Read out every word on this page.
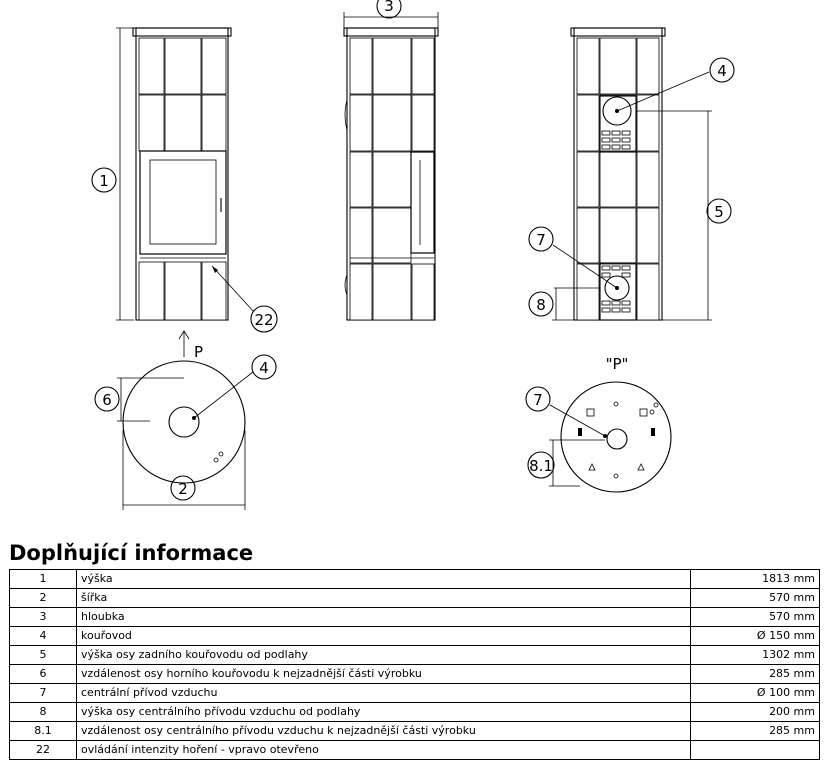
1
22
P
3
4
5
7
8
4
6
2
"P"
7
8.1
Doplňující informace
1	výška	1813 mm
2	šířka	570 mm
3	hloubka	570 mm
4	kouřovod	Ø 150 mm
5	výška osy zadního kouřovodu od podlahy	1302 mm
6	vzdálenost osy horního kouřovodu k nejzadnější části výrobku	285 mm
7	centrální přívod vzduchu	Ø 100 mm
8	výška osy centrálního přívodu vzduchu od podlahy	200 mm
8.1	vzdálenost osy centrálního přívodu vzduchu k nejzadnější části výrobku	285 mm
22	ovládání intenzity hoření - vpravo otevřeno	
